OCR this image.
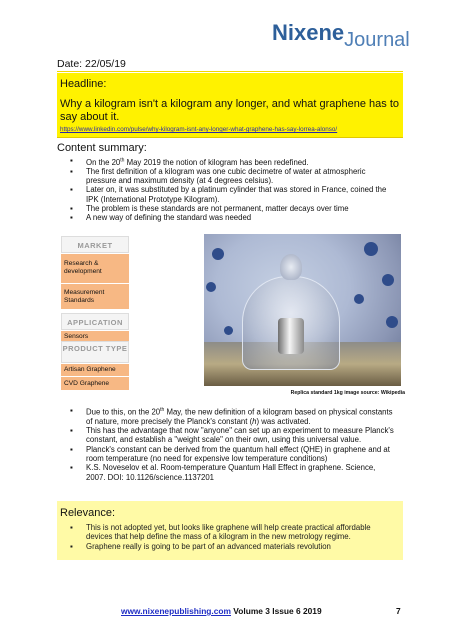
NixeneJournal
Date: 22/05/19
Headline:
Why a kilogram isn't a kilogram any longer, and what graphene has to say about it.
https://www.linkedin.com/pulse/why-kilogram-isnt-any-longer-what-graphene-has-say-lorrea-alonso/
Content summary:
▪ On the 20th May 2019 the notion of kilogram has been redefined.
▪ The first definition of a kilogram was one cubic decimetre of water at atmospheric pressure and maximum density (at 4 degrees celsius).
▪ Later on, it was substituted by a platinum cylinder that was stored in France, coined the IPK (International Prototype Kilogram).
▪ The problem is these standards are not permanent, matter decays over time
▪ A new way of defining the standard was needed
MARKET
Research & development
Measurement Standards
APPLICATION
Sensors
PRODUCT TYPE
Artisan Graphene
CVD Graphene
Replica standard 1kg image source: Wikipedia
▪ Due to this, on the 20th May, the new definition of a kilogram based on physical constants of nature, more precisely the Planck's constant (h) was activated.
▪ This has the advantage that now "anyone" can set up an experiment to measure Planck's constant, and establish a "weight scale" on their own, using this universal value.
▪ Planck's constant can be derived from the quantum hall effect (QHE) in graphene and at room temperature (no need for expensive low temperature conditions)
▪ K.S. Noveselov et al. Room-temperature Quantum Hall Effect in graphene. Science, 2007. DOI: 10.1126/science.1137201
Relevance:
▪ This is not adopted yet, but looks like graphene will help create practical affordable devices that help define the mass of a kilogram in the new metrology regime.
▪ Graphene really is going to be part of an advanced materials revolution
www.nixenepublishing.com Volume 3 Issue 6 2019	7
